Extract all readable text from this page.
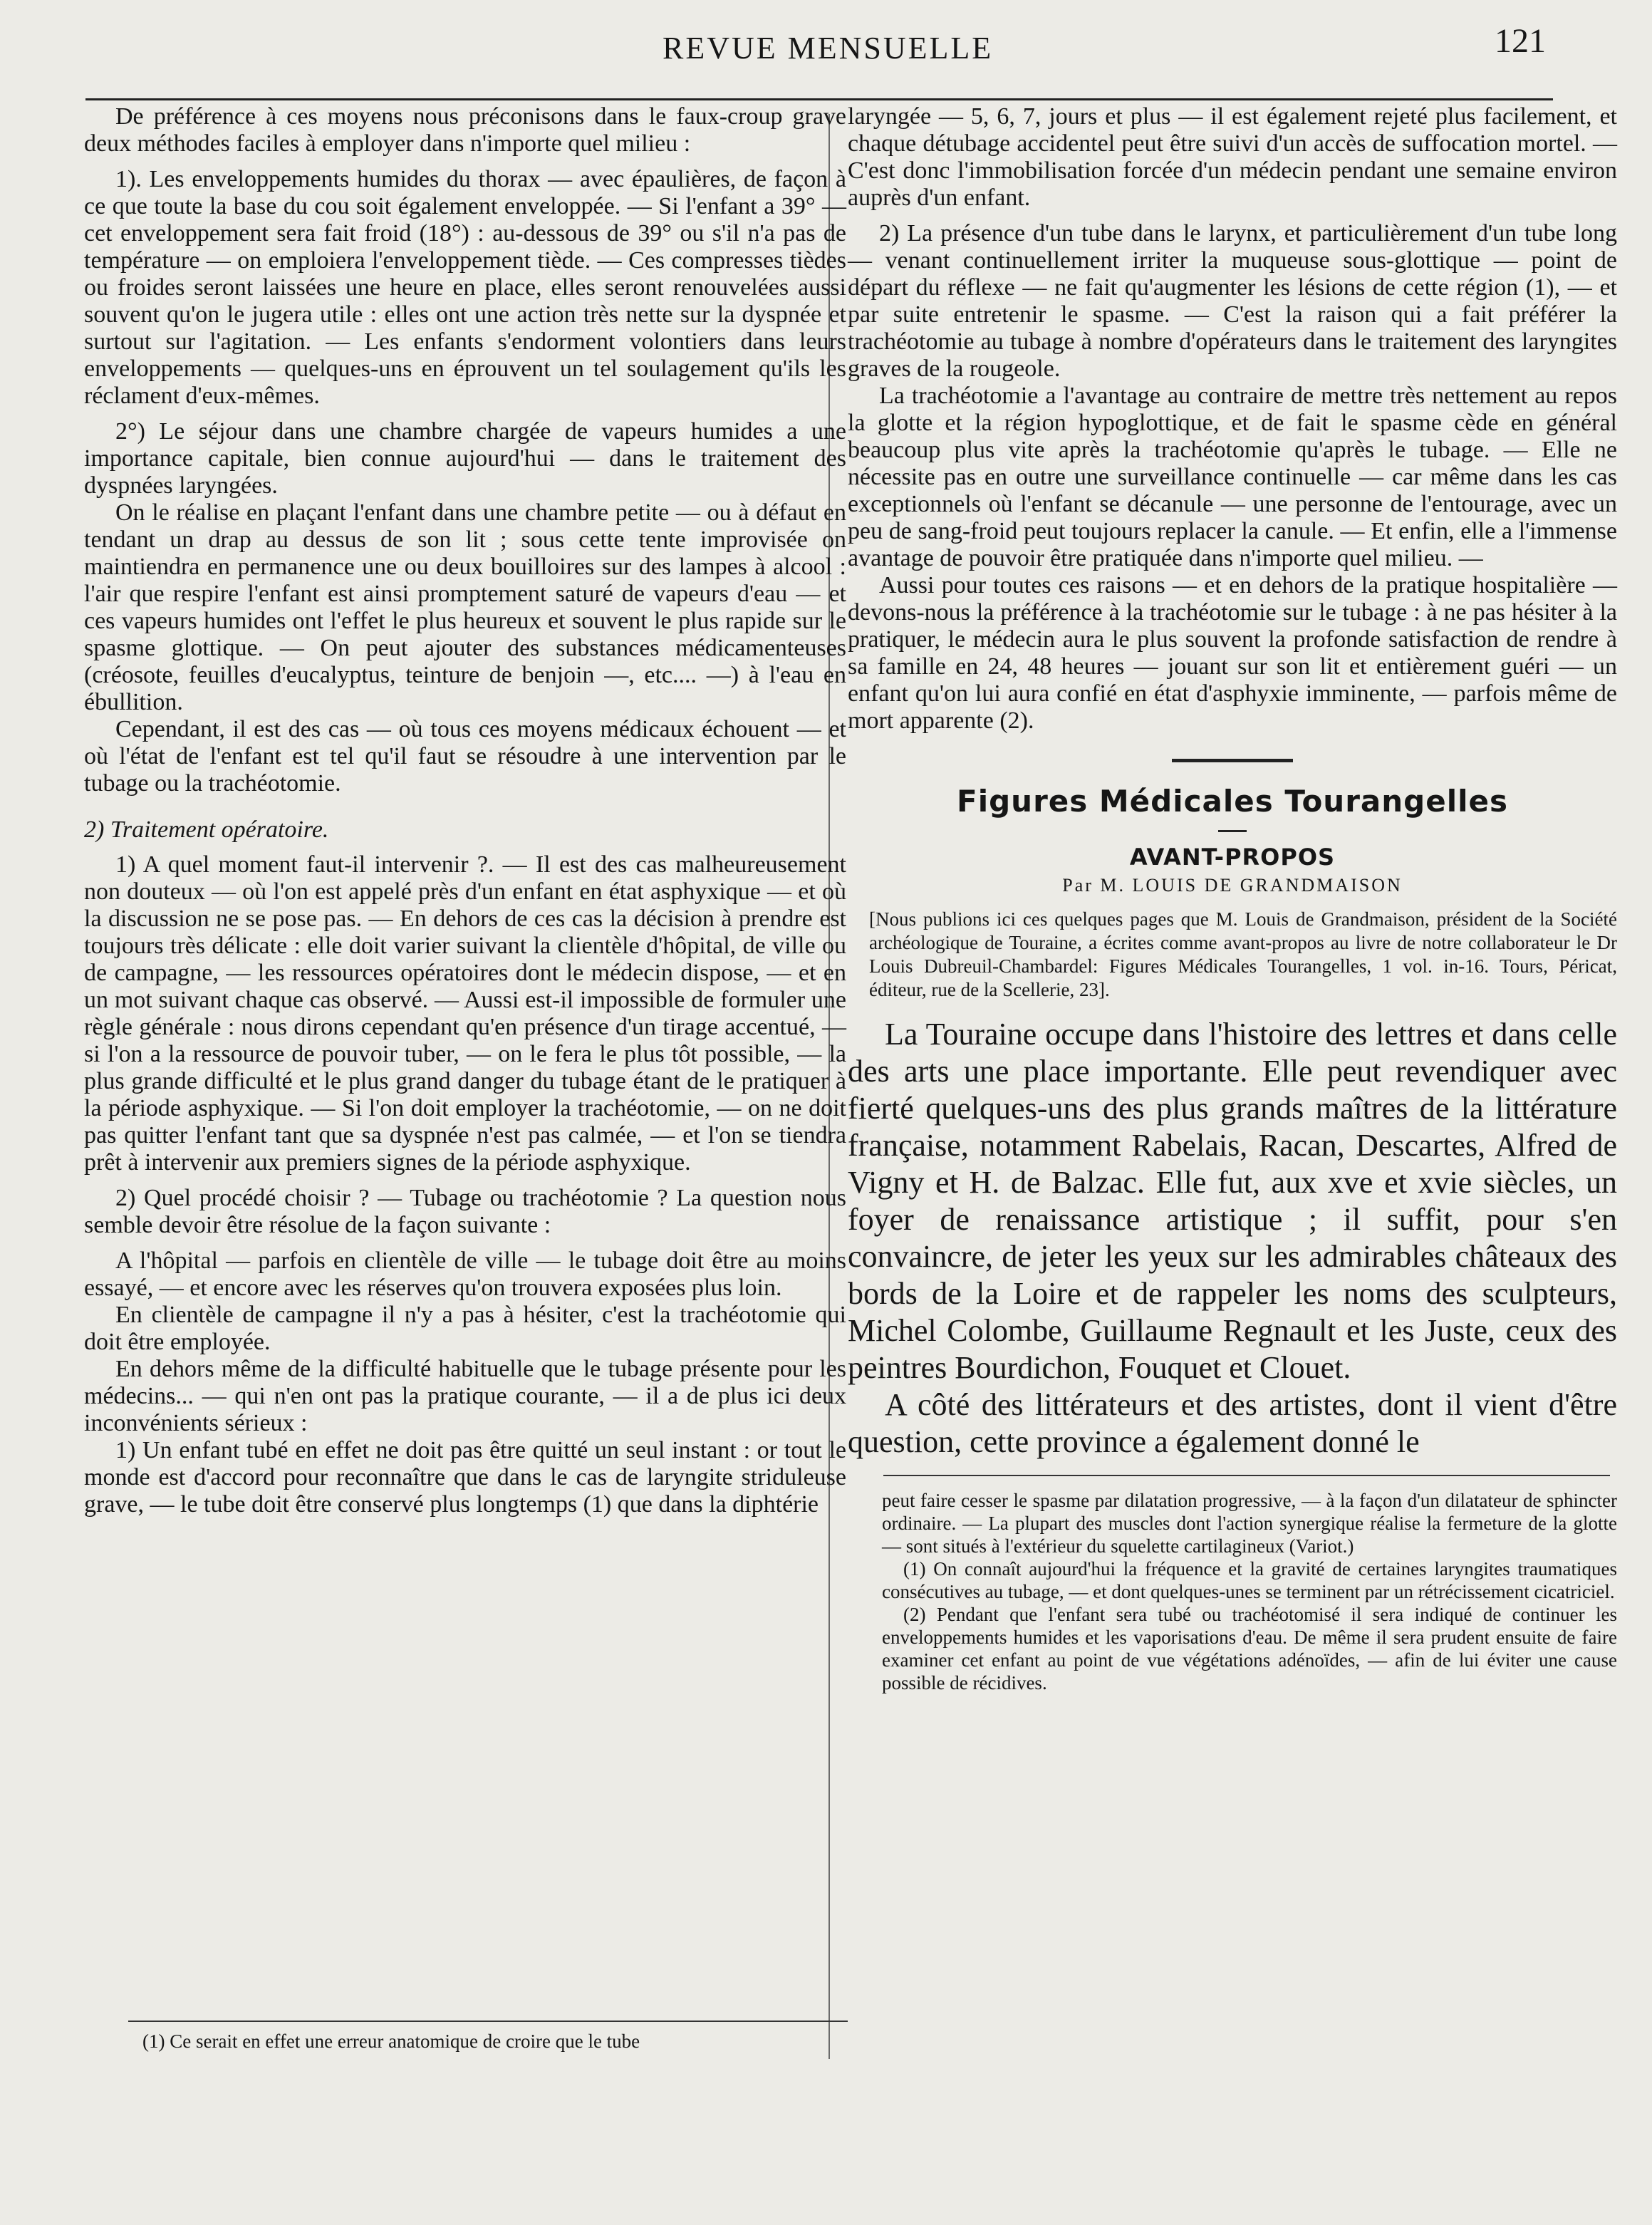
REVUE MENSUELLE	121

De préférence à ces moyens nous préconisons dans le faux-croup grave deux méthodes faciles à employer dans n'importe quel milieu :

1). Les enveloppements humides du thorax — avec épaulières, de façon à ce que toute la base du cou soit également enveloppée. — Si l'enfant a 39° — cet enveloppement sera fait froid (18°) : au-dessous de 39° ou s'il n'a pas de température — on emploiera l'enveloppement tiède. — Ces compresses tièdes ou froides seront laissées une heure en place, elles seront renouvelées aussi souvent qu'on le jugera utile : elles ont une action très nette sur la dyspnée et surtout sur l'agitation. — Les enfants s'endorment volontiers dans leurs enveloppements — quelques-uns en éprouvent un tel soulagement qu'ils les réclament d'eux-mêmes.

2°) Le séjour dans une chambre chargée de vapeurs humides a une importance capitale, bien connue aujourd'hui — dans le traitement des dyspnées laryngées.

On le réalise en plaçant l'enfant dans une chambre petite — ou à défaut en tendant un drap au dessus de son lit ; sous cette tente improvisée on maintiendra en permanence une ou deux bouilloires sur des lampes à alcool : l'air que respire l'enfant est ainsi promptement saturé de vapeurs d'eau — et ces vapeurs humides ont l'effet le plus heureux et souvent le plus rapide sur le spasme glottique. — On peut ajouter des substances médicamenteuses (créosote, feuilles d'eucalyptus, teinture de benjoin —, etc.... —) à l'eau en ébullition.

Cependant, il est des cas — où tous ces moyens médicaux échouent — et où l'état de l'enfant est tel qu'il faut se résoudre à une intervention par le tubage ou la trachéotomie.

2) Traitement opératoire.

1) A quel moment faut-il intervenir ?. — Il est des cas malheureusement non douteux — où l'on est appelé près d'un enfant en état asphyxique — et où la discussion ne se pose pas. — En dehors de ces cas la décision à prendre est toujours très délicate : elle doit varier suivant la clientèle d'hôpital, de ville ou de campagne, — les ressources opératoires dont le médecin dispose, — et en un mot suivant chaque cas observé. — Aussi est-il impossible de formuler une règle générale : nous dirons cependant qu'en présence d'un tirage accentué, — si l'on a la ressource de pouvoir tuber, — on le fera le plus tôt possible, — la plus grande difficulté et le plus grand danger du tubage étant de le pratiquer à la période asphyxique. — Si l'on doit employer la trachéotomie, — on ne doit pas quitter l'enfant tant que sa dyspnée n'est pas calmée, — et l'on se tiendra prêt à intervenir aux premiers signes de la période asphyxique.

2) Quel procédé choisir ? — Tubage ou trachéotomie ? La question nous semble devoir être résolue de la façon suivante :

A l'hôpital — parfois en clientèle de ville — le tubage doit être au moins essayé, — et encore avec les réserves qu'on trouvera exposées plus loin.

En clientèle de campagne il n'y a pas à hésiter, c'est la trachéotomie qui doit être employée.

En dehors même de la difficulté habituelle que le tubage présente pour les médecins... — qui n'en ont pas la pratique courante, — il a de plus ici deux inconvénients sérieux :

1) Un enfant tubé en effet ne doit pas être quitté un seul instant : or tout le monde est d'accord pour reconnaître que dans le cas de laryngite striduleuse grave, — le tube doit être conservé plus longtemps (1) que dans la diphtérie

(1) Ce serait en effet une erreur anatomique de croire que le tube

laryngée — 5, 6, 7, jours et plus — il est également rejeté plus facilement, et chaque détubage accidentel peut être suivi d'un accès de suffocation mortel. — C'est donc l'immobilisation forcée d'un médecin pendant une semaine environ auprès d'un enfant.

2) La présence d'un tube dans le larynx, et particulièrement d'un tube long — venant continuellement irriter la muqueuse sous-glottique — point de départ du réflexe — ne fait qu'augmenter les lésions de cette région (1), — et par suite entretenir le spasme. — C'est la raison qui a fait préférer la trachéotomie au tubage à nombre d'opérateurs dans le traitement des laryngites graves de la rougeole.

La trachéotomie a l'avantage au contraire de mettre très nettement au repos la glotte et la région hypoglottique, et de fait le spasme cède en général beaucoup plus vite après la trachéotomie qu'après le tubage. — Elle ne nécessite pas en outre une surveillance continuelle — car même dans les cas exceptionnels où l'enfant se décanule — une personne de l'entourage, avec un peu de sang-froid peut toujours replacer la canule. — Et enfin, elle a l'immense avantage de pouvoir être pratiquée dans n'importe quel milieu. —

Aussi pour toutes ces raisons — et en dehors de la pratique hospitalière — devons-nous la préférence à la trachéotomie sur le tubage : à ne pas hésiter à la pratiquer, le médecin aura le plus souvent la profonde satisfaction de rendre à sa famille en 24, 48 heures — jouant sur son lit et entièrement guéri — un enfant qu'on lui aura confié en état d'asphyxie imminente, — parfois même de mort apparente (2).

Figures Médicales Tourangelles
AVANT-PROPOS
Par M. LOUIS DE GRANDMAISON

[Nous publions ici ces quelques pages que M. Louis de Grandmaison, président de la Société archéologique de Touraine, a écrites comme avant-propos au livre de notre collaborateur le Dr Louis Dubreuil-Chambardel: Figures Médicales Tourangelles, 1 vol. in-16. Tours, Péricat, éditeur, rue de la Scellerie, 23].

La Touraine occupe dans l'histoire des lettres et dans celle des arts une place importante. Elle peut revendiquer avec fierté quelques-uns des plus grands maîtres de la littérature française, notamment Rabelais, Racan, Descartes, Alfred de Vigny et H. de Balzac. Elle fut, aux xve et xvie siècles, un foyer de renaissance artistique ; il suffit, pour s'en convaincre, de jeter les yeux sur les admirables châteaux des bords de la Loire et de rappeler les noms des sculpteurs, Michel Colombe, Guillaume Regnault et les Juste, ceux des peintres Bourdichon, Fouquet et Clouet.

A côté des littérateurs et des artistes, dont il vient d'être question, cette province a également donné le

peut faire cesser le spasme par dilatation progressive, — à la façon d'un dilatateur de sphincter ordinaire. — La plupart des muscles dont l'action synergique réalise la fermeture de la glotte — sont situés à l'extérieur du squelette cartilagineux (Variot.)

(1) On connaît aujourd'hui la fréquence et la gravité de certaines laryngites traumatiques consécutives au tubage, — et dont quelques-unes se terminent par un rétrécissement cicatriciel.

(2) Pendant que l'enfant sera tubé ou trachéotomisé il sera indiqué de continuer les enveloppements humides et les vaporisations d'eau. De même il sera prudent ensuite de faire examiner cet enfant au point de vue végétations adénoïdes, — afin de lui éviter une cause possible de récidives.
